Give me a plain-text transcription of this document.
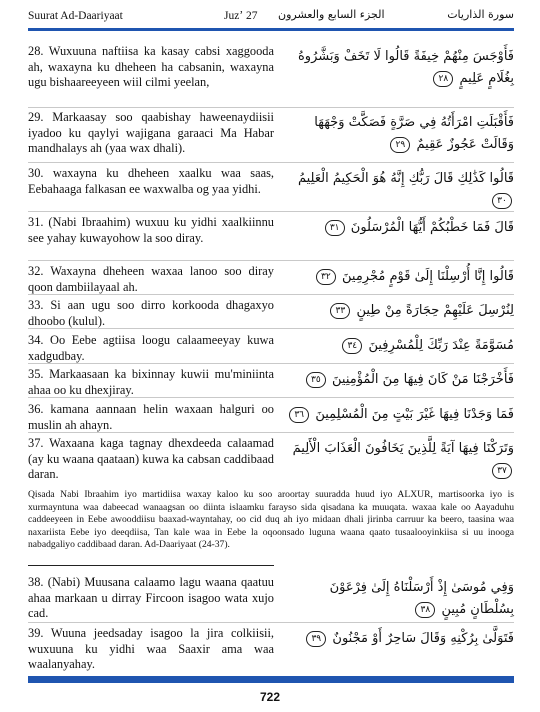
Suurat Ad-Daariyaat	Juzʼ 27 الجزء السابع والعشرون	سورة الذاريات
28. Wuxuuna naftiisa ka kasay cabsi xaggooda ah, waxayna ku dheheen ha cabsanin, waxayna ugu bishaareeyeen wiil cilmi yeelan,
فَأَوْجَسَ مِنْهُمْ خِيفَةً قَالُوا لَا تَخَفْ وَبَشَّرُوهُ بِغُلَامٍ عَلِيمٍ ٢٨
29. Markaasay soo qaabishay haweenaydiisii iyadoo ku qaylyi wajigana garaaci Ma Habar mandhalays ah (yaa wax dhali).
فَأَقْبَلَتِ امْرَأَتُهُ فِي صَرَّةٍ فَصَكَّتْ وَجْهَهَا وَقَالَتْ عَجُوزٌ عَقِيمٌ ٢٩
30. waxayna ku dheheen xaalku waa saas, Eebahaaga falkasan ee waxwalba og yaa yidhi.
قَالُوا كَذَٰلِكِ قَالَ رَبُّكِ إِنَّهُ هُوَ الْحَكِيمُ الْعَلِيمُ ٣٠
31. (Nabi Ibraahim) wuxuu ku yidhi xaalkiinnu see yahay kuwayohow la soo diray.
قَالَ فَمَا خَطْبُكُمْ أَيُّهَا الْمُرْسَلُونَ ٣١
32. Waxayna dheheen waxaa lanoo soo diray qoon dambiilayaal ah.
قَالُوا إِنَّا أُرْسِلْنَا إِلَىٰ قَوْمٍ مُجْرِمِينَ ٣٢
33. Si aan ugu soo dirro korkooda dhagaxyo dhoobo (kulul).
لِنُرْسِلَ عَلَيْهِمْ حِجَارَةً مِنْ طِينٍ ٣٣
34. Oo Eebe agtiisa loogu calaameeyay kuwa xadgudbay.
مُسَوَّمَةً عِنْدَ رَبِّكَ لِلْمُسْرِفِينَ ٣٤
35. Markaasaan ka bixinnay kuwii mu'miniinta ahaa oo ku dhexjiray.
فَأَخْرَجْنَا مَنْ كَانَ فِيهَا مِنَ الْمُؤْمِنِينَ ٣٥
36. kamana aannaan helin waxaan halguri oo muslin ah ahayn.
فَمَا وَجَدْنَا فِيهَا غَيْرَ بَيْتٍ مِنَ الْمُسْلِمِينَ ٣٦
37. Waxaana kaga tagnay dhexdeeda calaamad (ay ku waana qaataan) kuwa ka cabsan caddibaad daran.
وَتَرَكْنَا فِيهَا آيَةً لِلَّذِينَ يَخَافُونَ الْعَذَابَ الْأَلِيمَ ٣٧
Qisada Nabi Ibraahim iyo martidiisa waxay kaloo ku soo aroortay suuradda huud iyo ALXUR, martisoorka iyo is xurmayntuna waa dabeecad wanaagsan oo diinta islaamku farayso sida qisadana ka muuqata. waxaa kale oo Aayaduhu caddeeyeen in Eebe awooddiisu baaxad-wayntahay, oo cid duq ah iyo midaan dhali jirinba carruur ka beero, taasina waa naxariista Eebe iyo deeqdiisa, Tan kale waa in Eebe la oqoonsado luguna waana qaato tusaalooyinkiisa si uu inooga nabadgaliyo caddibaad daran. Ad-Daariyaat (24-37).
38. (Nabi) Muusana calaamo lagu waana qaatuu ahaa markaan u dirray Fircoon isagoo wata xujo cad.
وَفِي مُوسَىٰ إِذْ أَرْسَلْنَاهُ إِلَىٰ فِرْعَوْنَ بِسُلْطَانٍ مُبِينٍ ٣٨
39. Wuuna jeedsaday isagoo la jira colkiisii, wuxuuna ku yidhi waa Saaxir ama waa waalanyahay.
فَتَوَلَّىٰ بِرُكْنِهِ وَقَالَ سَاحِرٌ أَوْ مَجْنُونٌ ٣٩
722
